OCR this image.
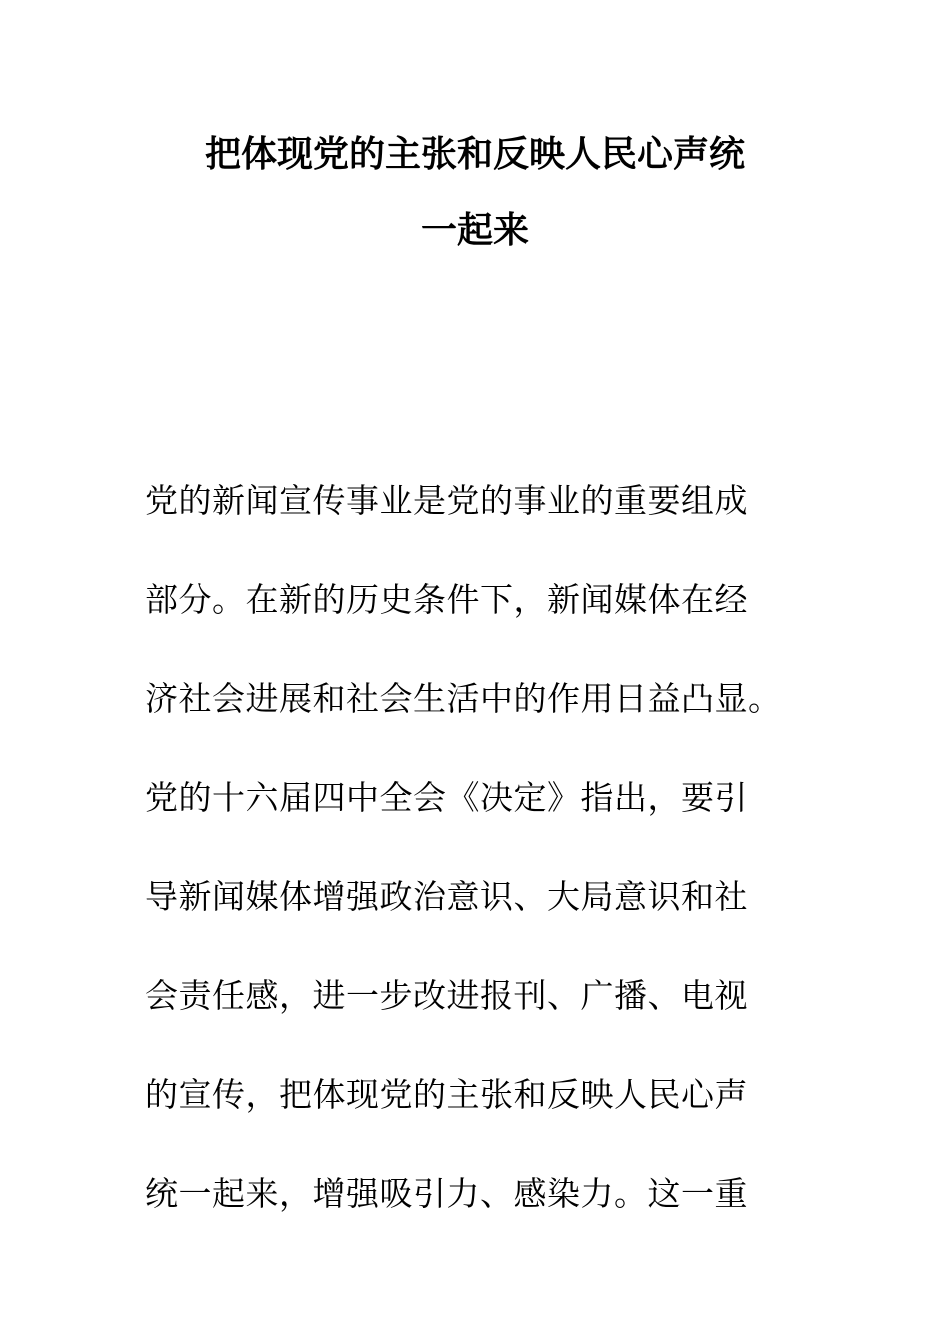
把体现党的主张和反映人民心声统
一起来
党的新闻宣传事业是党的事业的重要组成
部分。在新的历史条件下，新闻媒体在经
济社会进展和社会生活中的作用日益凸显。
党的十六届四中全会《决定》指出，要引
导新闻媒体增强政治意识、大局意识和社
会责任感，进一步改进报刊、广播、电视
的宣传，把体现党的主张和反映人民心声
统一起来，增强吸引力、感染力。这一重
